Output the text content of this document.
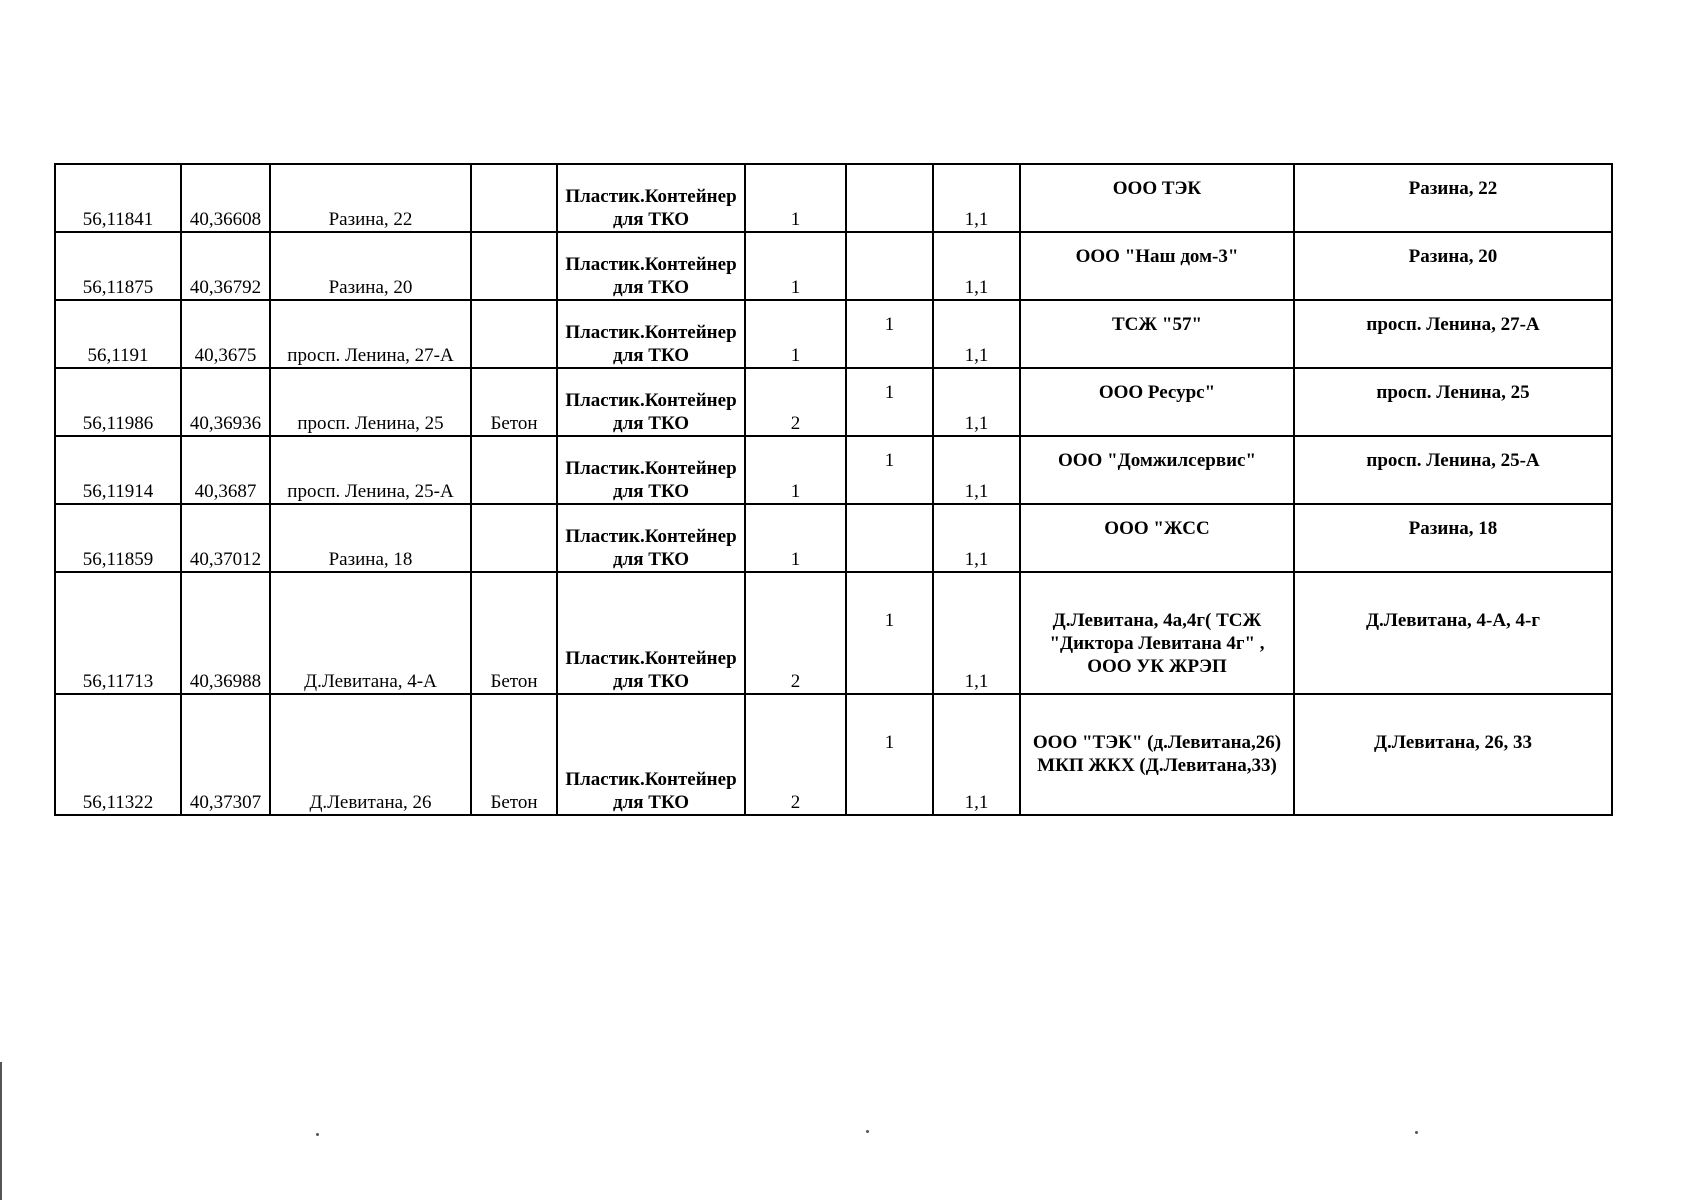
56,11841	40,36608	Разина, 22		Пластик.Контейнер для ТКО	1		1,1	ООО ТЭК	Разина, 22

56,11875	40,36792	Разина, 20		Пластик.Контейнер для ТКО	1		1,1	ООО "Наш дом-3"	Разина, 20

56,1191	40,3675	просп. Ленина, 27-А		Пластик.Контейнер для ТКО	1	1	1,1	ТСЖ "57"	просп. Ленина, 27-А

56,11986	40,36936	просп. Ленина, 25	Бетон	Пластик.Контейнер для ТКО	2	1	1,1	ООО Ресурс"	просп. Ленина, 25

56,11914	40,3687	просп. Ленина, 25-А		Пластик.Контейнер для ТКО	1	1	1,1	ООО "Домжилсервис"	просп. Ленина, 25-А

56,11859	40,37012	Разина, 18		Пластик.Контейнер для ТКО	1		1,1	ООО "ЖСС	Разина, 18

56,11713	40,36988	Д.Левитана, 4-А	Бетон	Пластик.Контейнер для ТКО	2	1	1,1	Д.Левитана, 4а,4г( ТСЖ "Диктора Левитана 4г" , ООО УК ЖРЭП	Д.Левитана, 4-А, 4-г

56,11322	40,37307	Д.Левитана, 26	Бетон	Пластик.Контейнер для ТКО	2	1	1,1	ООО "ТЭК" (д.Левитана,26) МКП ЖКХ (Д.Левитана,33)	Д.Левитана, 26, 33
